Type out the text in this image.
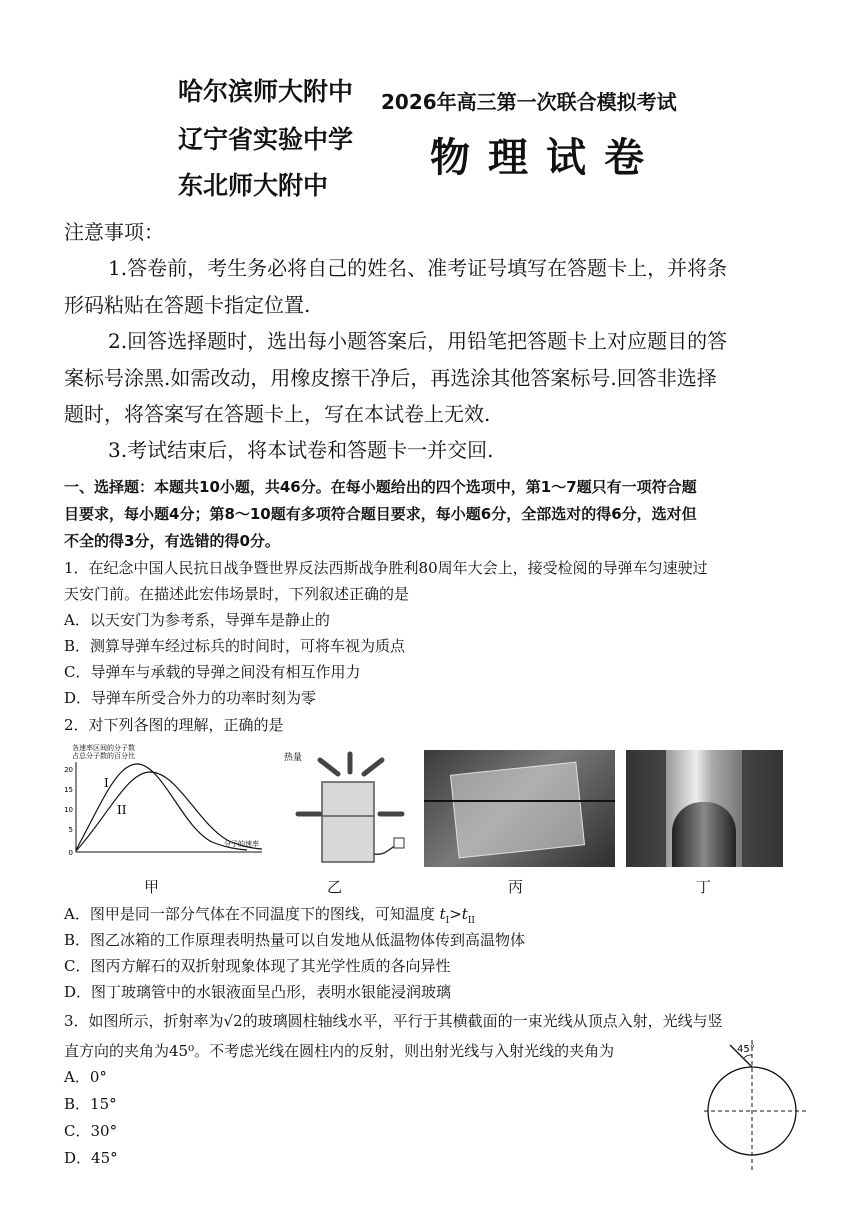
哈尔滨师大附中
辽宁省实验中学
东北师大附中
2026年高三第一次联合模拟考试
物理试卷
注意事项：
1.答卷前，考生务必将自己的姓名、准考证号填写在答题卡上，并将条
形码粘贴在答题卡指定位置.
2.回答选择题时，选出每小题答案后，用铅笔把答题卡上对应题目的答
案标号涂黑.如需改动，用橡皮擦干净后，再选涂其他答案标号.回答非选择
题时，将答案写在答题卡上，写在本试卷上无效.
3.考试结束后，将本试卷和答题卡一并交回.
一、选择题：本题共10小题，共46分。在每小题给出的四个选项中，第1～7题只有一项符合题
目要求，每小题4分；第8～10题有多项符合题目要求，每小题6分，全部选对的得6分，选对但
不全的得3分，有选错的得0分。
1．在纪念中国人民抗日战争暨世界反法西斯战争胜利80周年大会上，接受检阅的导弹车匀速驶过
天安门前。在描述此宏伟场景时，下列叙述正确的是
A．以天安门为参考系，导弹车是静止的
B．测算导弹车经过标兵的时间时，可将车视为质点
C．导弹车与承载的导弹之间没有相互作用力
D．导弹车所受合外力的功率时刻为零
2．对下列各图的理解，正确的是
各速率区间的分子数
占总分子数的百分比
20
15
10
5
0
I
II
分子的速率
热量
甲	乙	丙	丁
A．图甲是同一部分气体在不同温度下的图线，可知温度 $t_I>t_{II}$
B．图乙冰箱的工作原理表明热量可以自发地从低温物体传到高温物体
C．图丙方解石的双折射现象体现了其光学性质的各向异性
D．图丁玻璃管中的水银液面呈凸形，表明水银能浸润玻璃
3．如图所示，折射率为√2的玻璃圆柱轴线水平，平行于其横截面的一束光线从顶点入射，光线与竖
直方向的夹角为45⁰。不考虑光线在圆柱内的反射，则出射光线与入射光线的夹角为
A．0°
B．15°
C．30°
D．45°
45°
